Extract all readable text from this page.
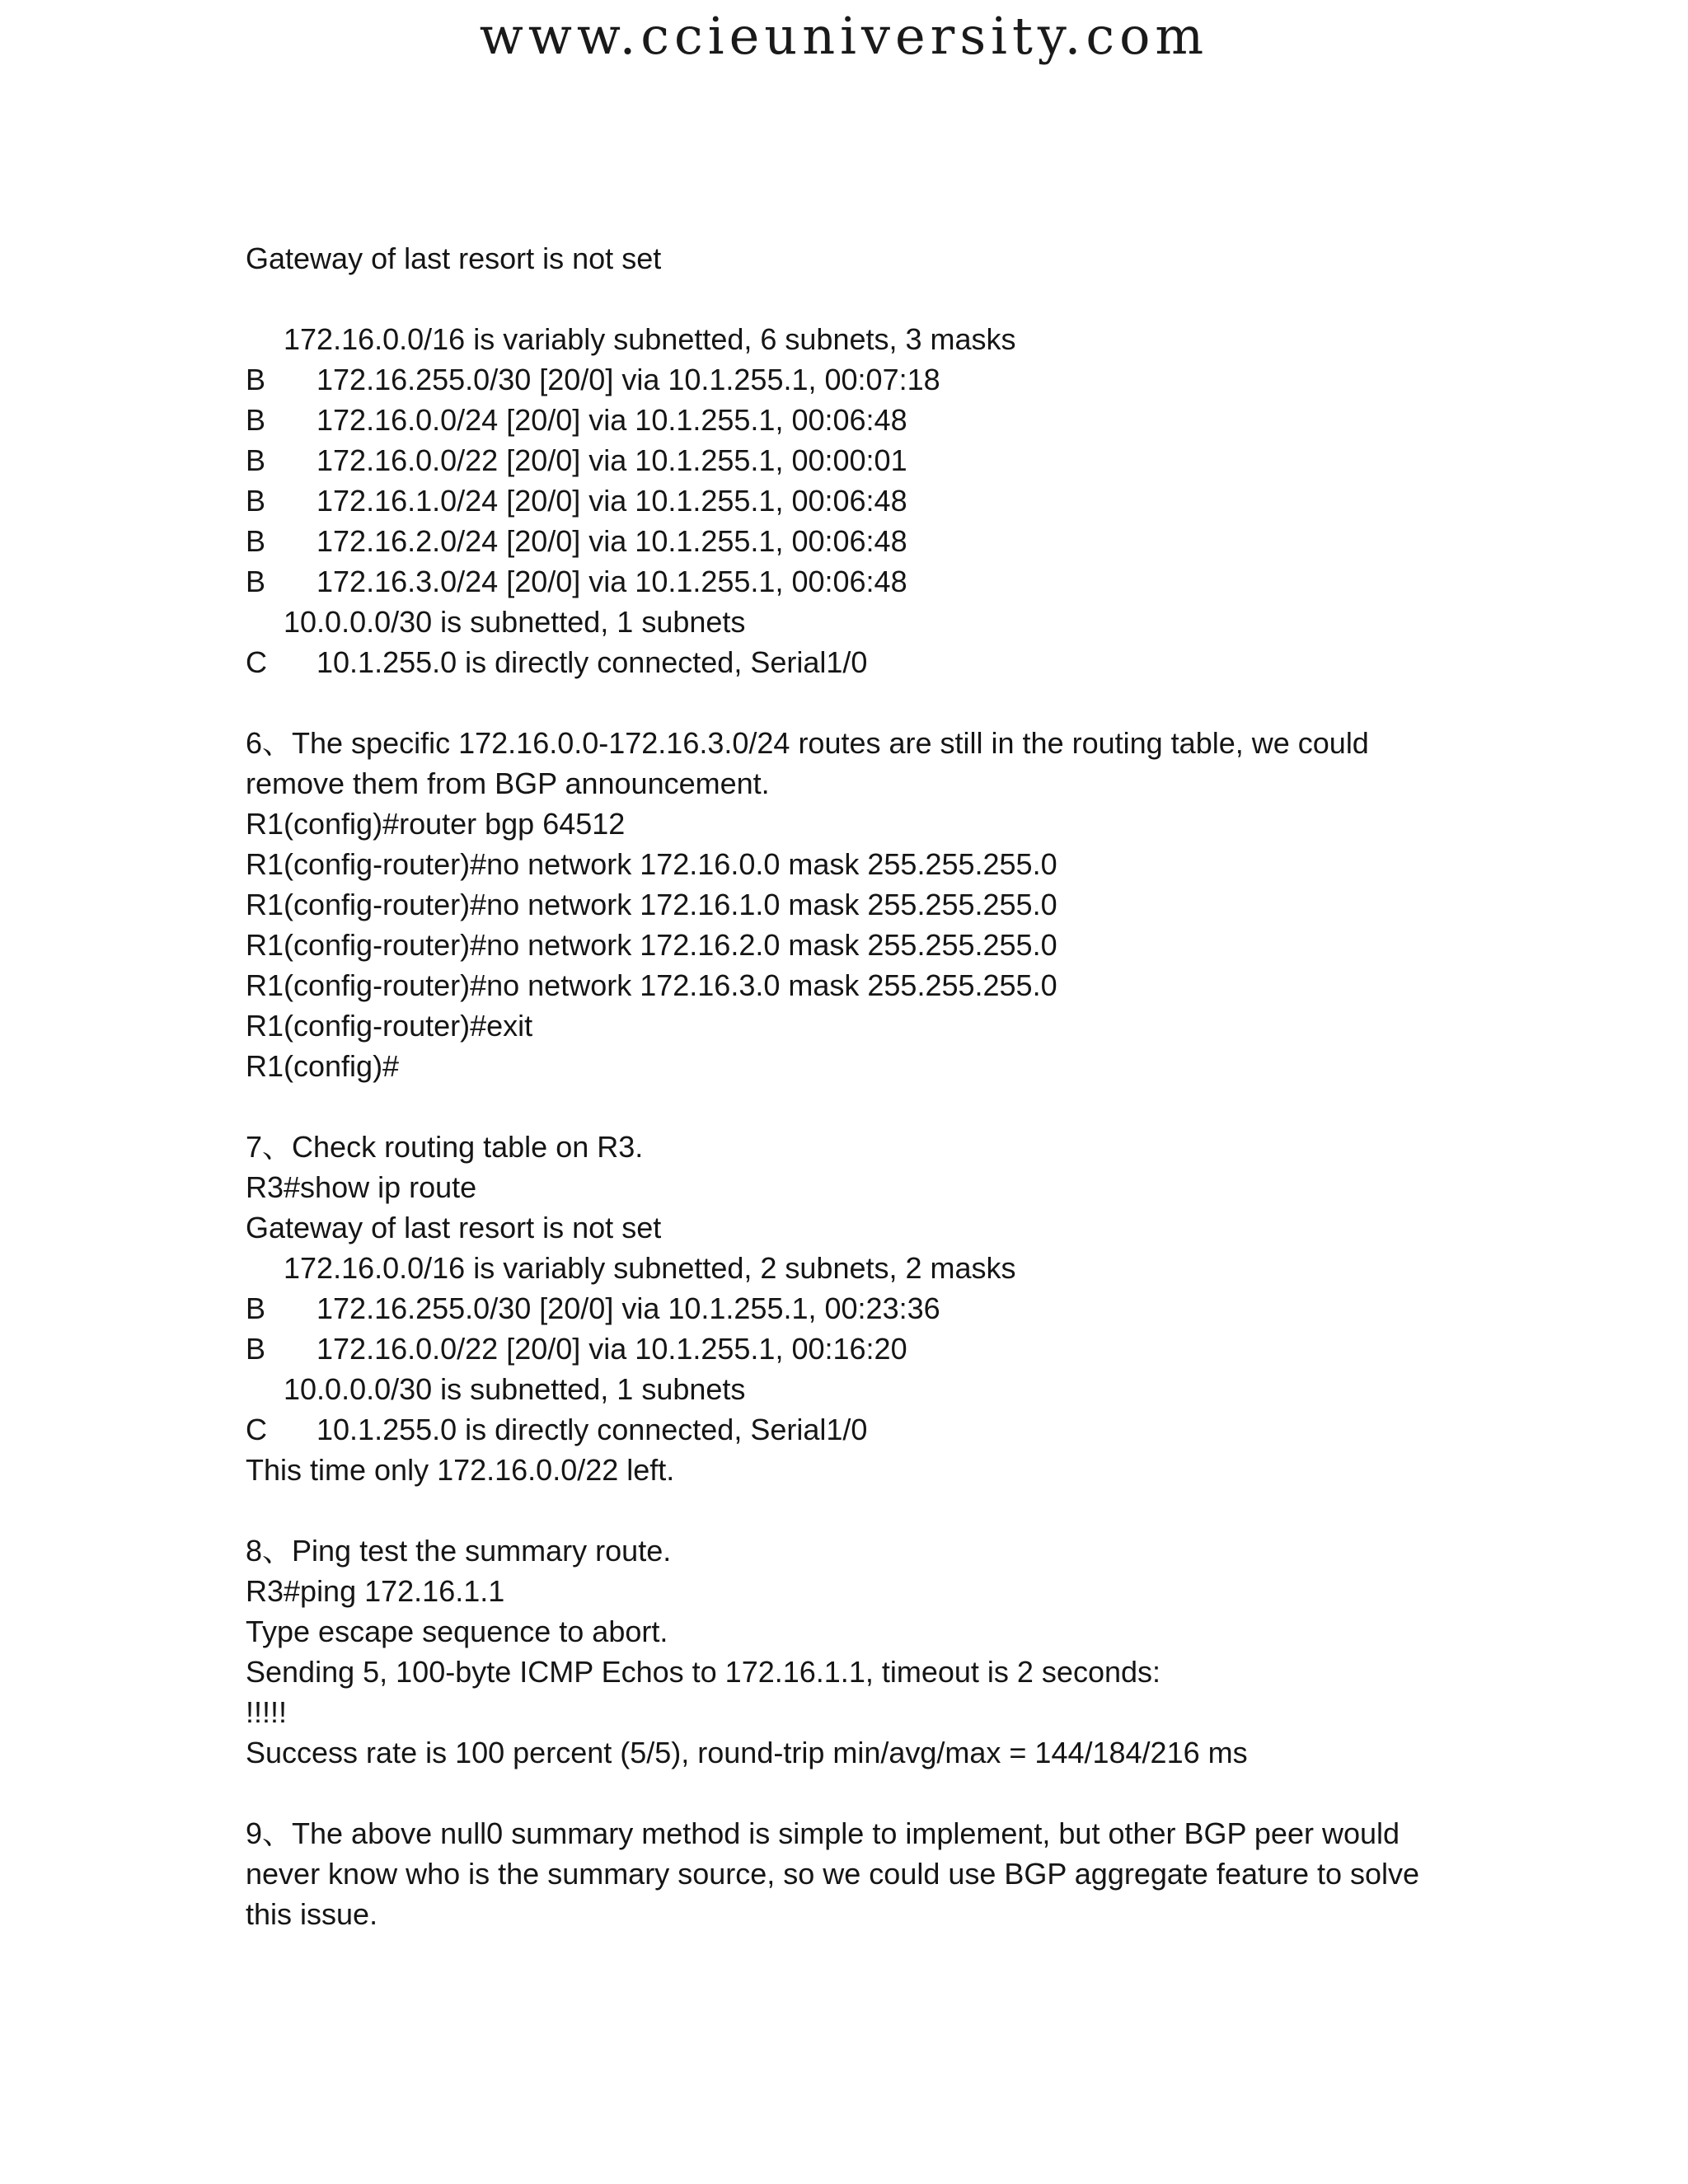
www.ccieuniversity.com
Gateway of last resort is not set
172.16.0.0/16 is variably subnetted, 6 subnets, 3 masks
B	172.16.255.0/30 [20/0] via 10.1.255.1, 00:07:18
B	172.16.0.0/24 [20/0] via 10.1.255.1, 00:06:48
B	172.16.0.0/22 [20/0] via 10.1.255.1, 00:00:01
B	172.16.1.0/24 [20/0] via 10.1.255.1, 00:06:48
B	172.16.2.0/24 [20/0] via 10.1.255.1, 00:06:48
B	172.16.3.0/24 [20/0] via 10.1.255.1, 00:06:48
10.0.0.0/30 is subnetted, 1 subnets
C	10.1.255.0 is directly connected, Serial1/0
6、The specific 172.16.0.0-172.16.3.0/24 routes are still in the routing table, we could remove them from BGP announcement.
R1(config)#router bgp 64512
R1(config-router)#no network 172.16.0.0 mask 255.255.255.0
R1(config-router)#no network 172.16.1.0 mask 255.255.255.0
R1(config-router)#no network 172.16.2.0 mask 255.255.255.0
R1(config-router)#no network 172.16.3.0 mask 255.255.255.0
R1(config-router)#exit
R1(config)#
7、Check routing table on R3.
R3#show ip route
Gateway of last resort is not set
172.16.0.0/16 is variably subnetted, 2 subnets, 2 masks
B	172.16.255.0/30 [20/0] via 10.1.255.1, 00:23:36
B	172.16.0.0/22 [20/0] via 10.1.255.1, 00:16:20
10.0.0.0/30 is subnetted, 1 subnets
C	10.1.255.0 is directly connected, Serial1/0
This time only 172.16.0.0/22 left.
8、Ping test the summary route.
R3#ping 172.16.1.1
Type escape sequence to abort.
Sending 5, 100-byte ICMP Echos to 172.16.1.1, timeout is 2 seconds:
!!!!!
Success rate is 100 percent (5/5), round-trip min/avg/max = 144/184/216 ms
9、The above null0 summary method is simple to implement, but other BGP peer would never know who is the summary source, so we could use BGP aggregate feature to solve this issue.
